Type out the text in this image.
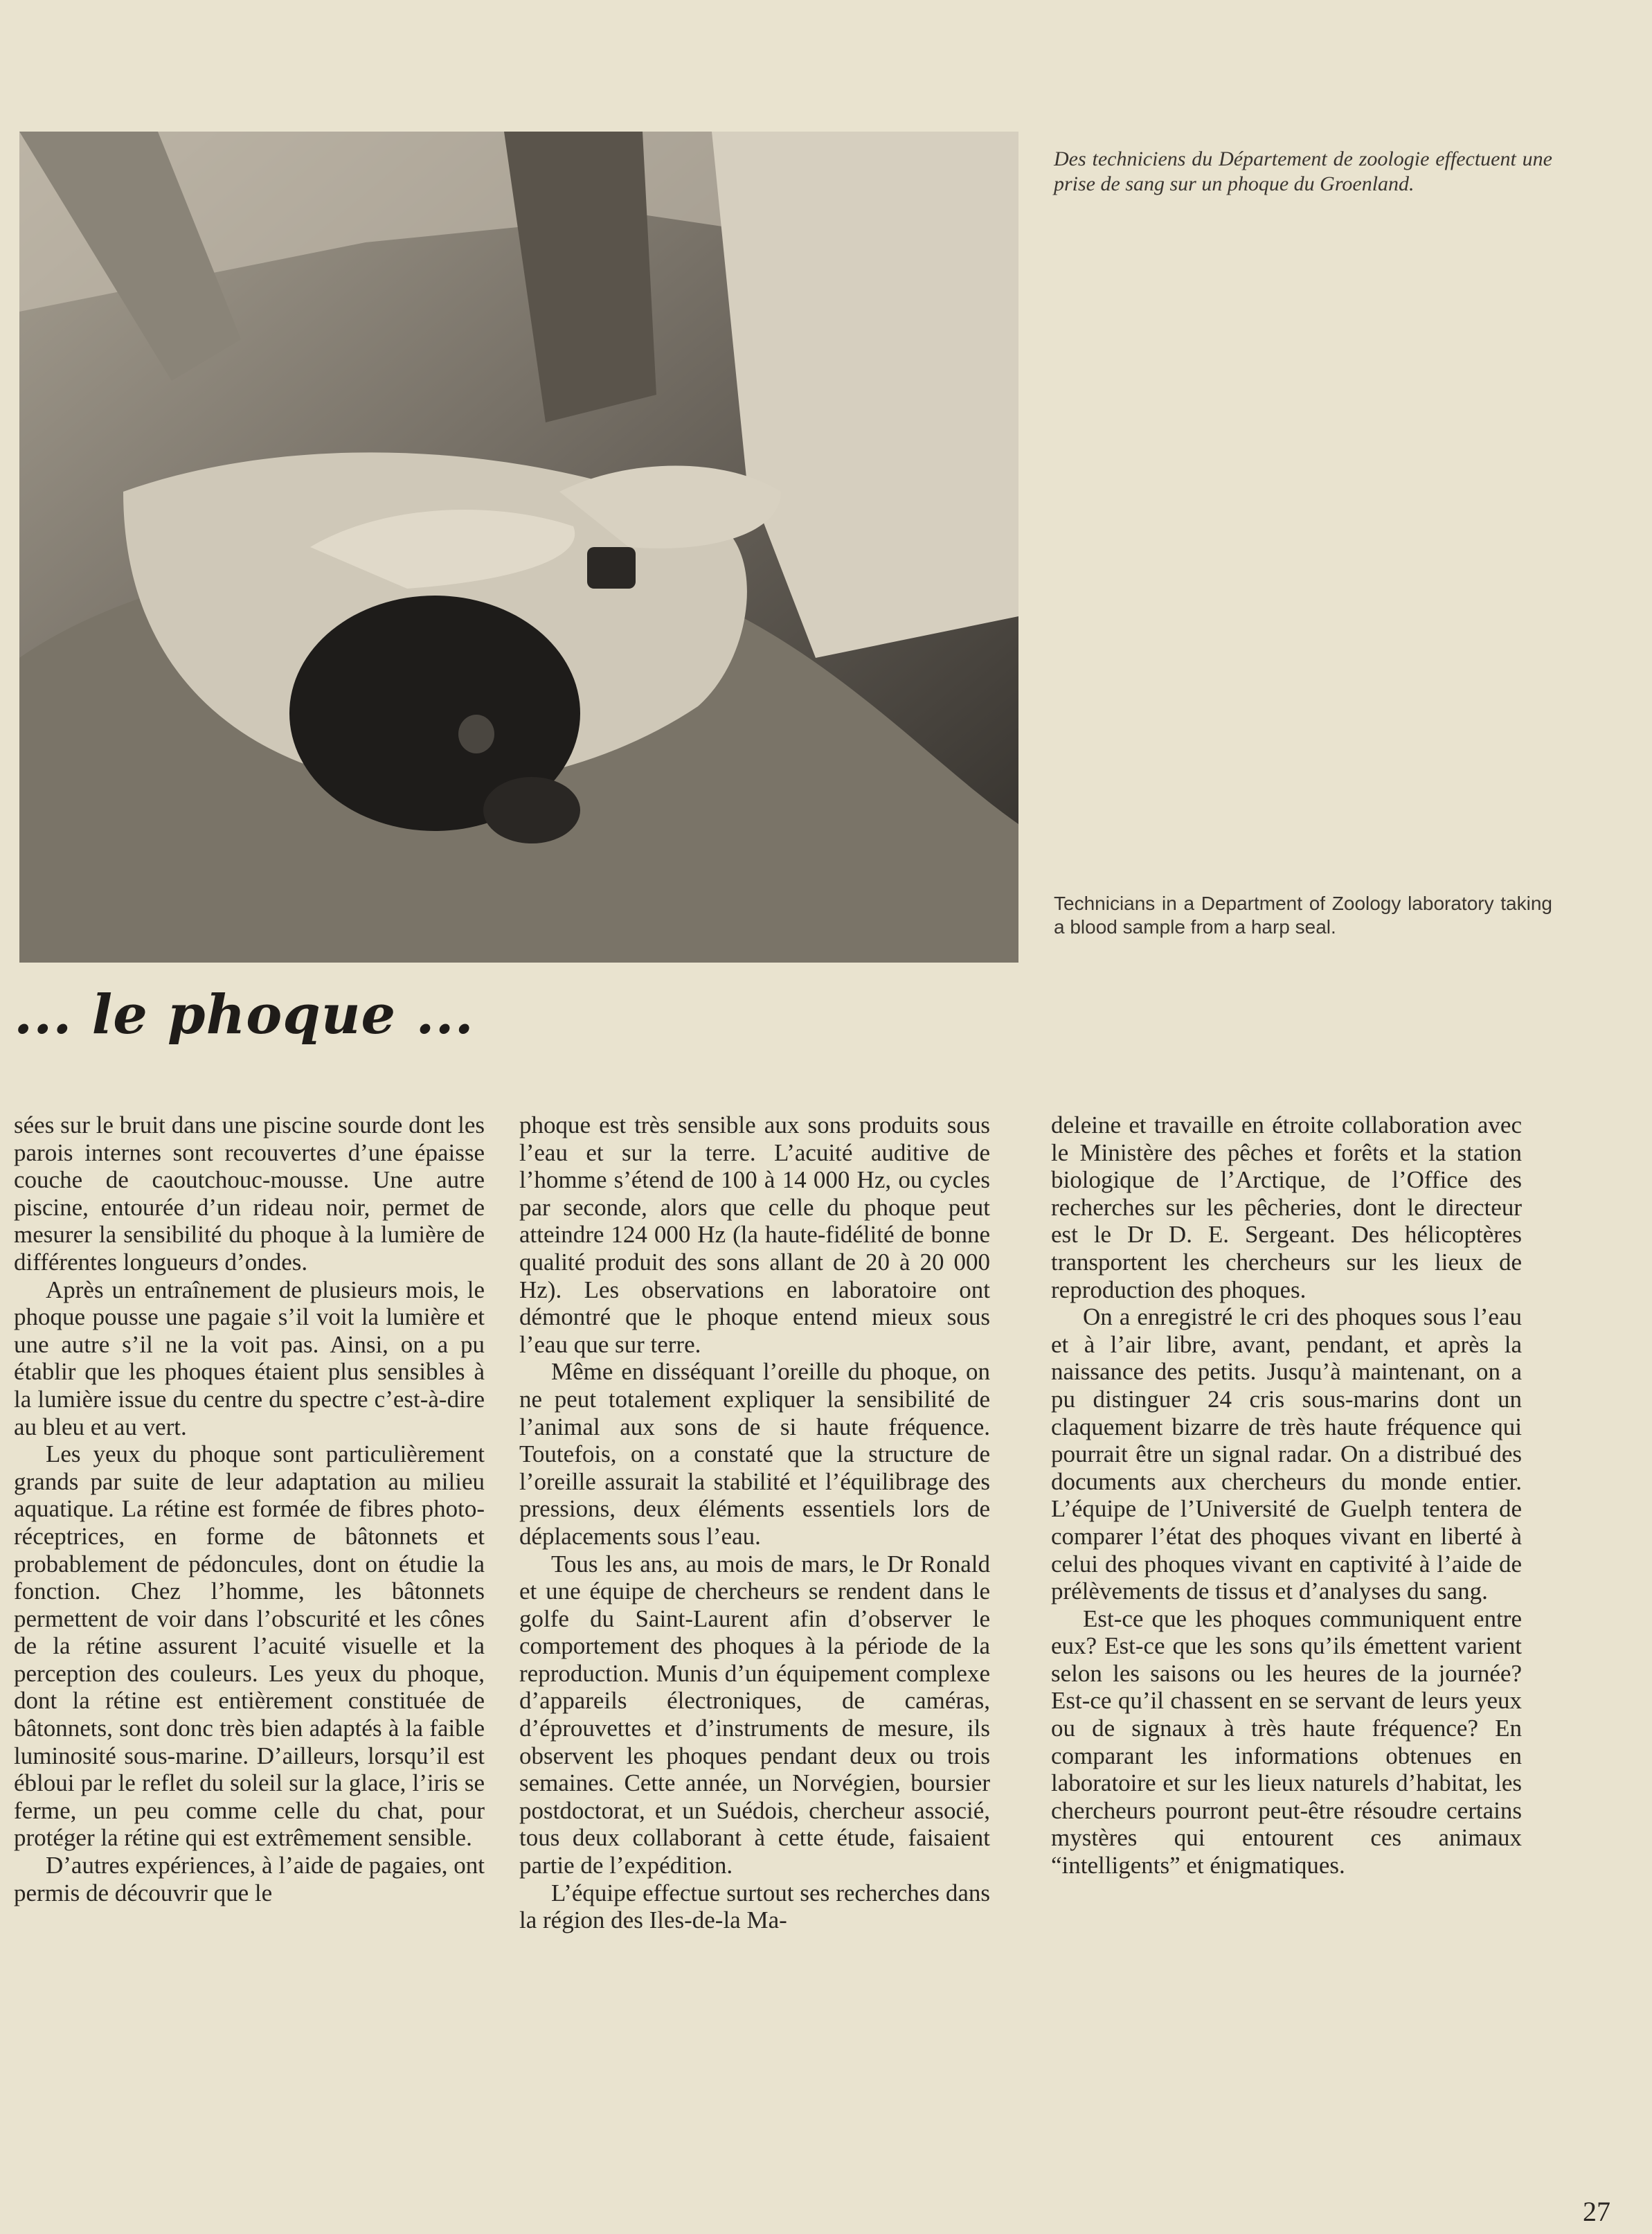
Des techniciens du Département de zoologie effectuent une prise de sang sur un phoque du Groenland.
Technicians in a Department of Zoology laboratory taking a blood sample from a harp seal.
... le phoque ...

sées sur le bruit dans une piscine sourde dont les parois internes sont recouvertes d’une épaisse couche de caoutchouc-mousse. Une autre piscine, entourée d’un rideau noir, permet de mesurer la sensibilité du phoque à la lumière de différentes longueurs d’ondes.

Après un entraînement de plusieurs mois, le phoque pousse une pagaie s’il voit la lumière et une autre s’il ne la voit pas. Ainsi, on a pu établir que les phoques étaient plus sensibles à la lumière issue du centre du spectre c’est-à-dire au bleu et au vert.

Les yeux du phoque sont particulièrement grands par suite de leur adaptation au milieu aquatique. La rétine est formée de fibres photo-réceptrices, en forme de bâtonnets et probablement de pédoncules, dont on étudie la fonction. Chez l’homme, les bâtonnets permettent de voir dans l’obscurité et les cônes de la rétine assurent l’acuité visuelle et la perception des couleurs. Les yeux du phoque, dont la rétine est entièrement constituée de bâtonnets, sont donc très bien adaptés à la faible luminosité sous-marine. D’ailleurs, lorsqu’il est ébloui par le reflet du soleil sur la glace, l’iris se ferme, un peu comme celle du chat, pour protéger la rétine qui est extrêmement sensible.

D’autres expériences, à l’aide de pagaies, ont permis de découvrir que le

phoque est très sensible aux sons produits sous l’eau et sur la terre. L’acuité auditive de l’homme s’étend de 100 à 14 000 Hz, ou cycles par seconde, alors que celle du phoque peut atteindre 124 000 Hz (la haute-fidélité de bonne qualité produit des sons allant de 20 à 20 000 Hz). Les observations en laboratoire ont démontré que le phoque entend mieux sous l’eau que sur terre.

Même en disséquant l’oreille du phoque, on ne peut totalement expliquer la sensibilité de l’animal aux sons de si haute fréquence. Toutefois, on a constaté que la structure de l’oreille assurait la stabilité et l’équilibrage des pressions, deux éléments essentiels lors de déplacements sous l’eau.

Tous les ans, au mois de mars, le Dr Ronald et une équipe de chercheurs se rendent dans le golfe du Saint-Laurent afin d’observer le comportement des phoques à la période de la reproduction. Munis d’un équipement complexe d’appareils électroniques, de caméras, d’éprouvettes et d’instruments de mesure, ils observent les phoques pendant deux ou trois semaines. Cette année, un Norvégien, boursier postdoctorat, et un Suédois, chercheur associé, tous deux collaborant à cette étude, faisaient partie de l’expédition.

L’équipe effectue surtout ses recherches dans la région des Iles-de-la Ma-

deleine et travaille en étroite collaboration avec le Ministère des pêches et forêts et la station biologique de l’Arctique, de l’Office des recherches sur les pêcheries, dont le directeur est le Dr D. E. Sergeant. Des hélicoptères transportent les chercheurs sur les lieux de reproduction des phoques.

On a enregistré le cri des phoques sous l’eau et à l’air libre, avant, pendant, et après la naissance des petits. Jusqu’à maintenant, on a pu distinguer 24 cris sous-marins dont un claquement bizarre de très haute fréquence qui pourrait être un signal radar. On a distribué des documents aux chercheurs du monde entier. L’équipe de l’Université de Guelph tentera de comparer l’état des phoques vivant en liberté à celui des phoques vivant en captivité à l’aide de prélèvements de tissus et d’analyses du sang.

Est-ce que les phoques communiquent entre eux? Est-ce que les sons qu’ils émettent varient selon les saisons ou les heures de la journée? Est-ce qu’il chassent en se servant de leurs yeux ou de signaux à très haute fréquence? En comparant les informations obtenues en laboratoire et sur les lieux naturels d’habitat, les chercheurs pourront peut-être résoudre certains mystères qui entourent ces animaux “intelligents” et énigmatiques.

27
